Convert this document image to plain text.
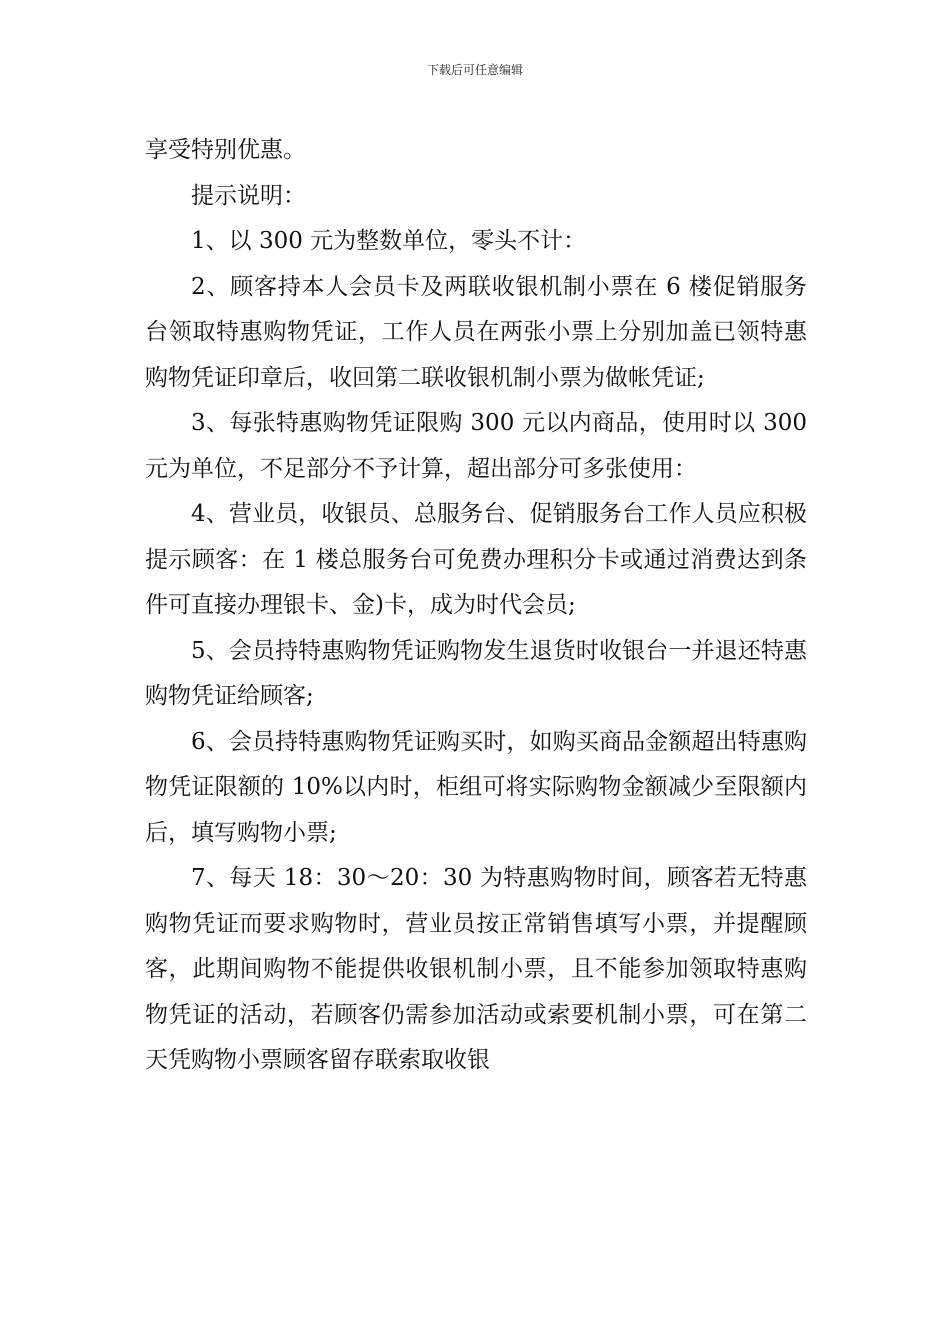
下载后可任意编辑

享受特别优惠。

提示说明：

1、以 300 元为整数单位，零头不计：

2、顾客持本人会员卡及两联收银机制小票在 6 楼促销服务台领取特惠购物凭证，工作人员在两张小票上分别加盖已领特惠购物凭证印章后，收回第二联收银机制小票为做帐凭证;

3、每张特惠购物凭证限购 300 元以内商品，使用时以 300 元为单位，不足部分不予计算，超出部分可多张使用：

4、营业员，收银员、总服务台、促销服务台工作人员应积极提示顾客：在 1 楼总服务台可免费办理积分卡或通过消费达到条件可直接办理银卡、金)卡，成为时代会员;

5、会员持特惠购物凭证购物发生退货时收银台一并退还特惠购物凭证给顾客;

6、会员持特惠购物凭证购买时，如购买商品金额超出特惠购物凭证限额的 10%以内时，柜组可将实际购物金额减少至限额内后，填写购物小票;

7、每天 18：30～20：30 为特惠购物时间，顾客若无特惠购物凭证而要求购物时，营业员按正常销售填写小票，并提醒顾客，此期间购物不能提供收银机制小票，且不能参加领取特惠购物凭证的活动，若顾客仍需参加活动或索要机制小票，可在第二天凭购物小票顾客留存联索取收银
